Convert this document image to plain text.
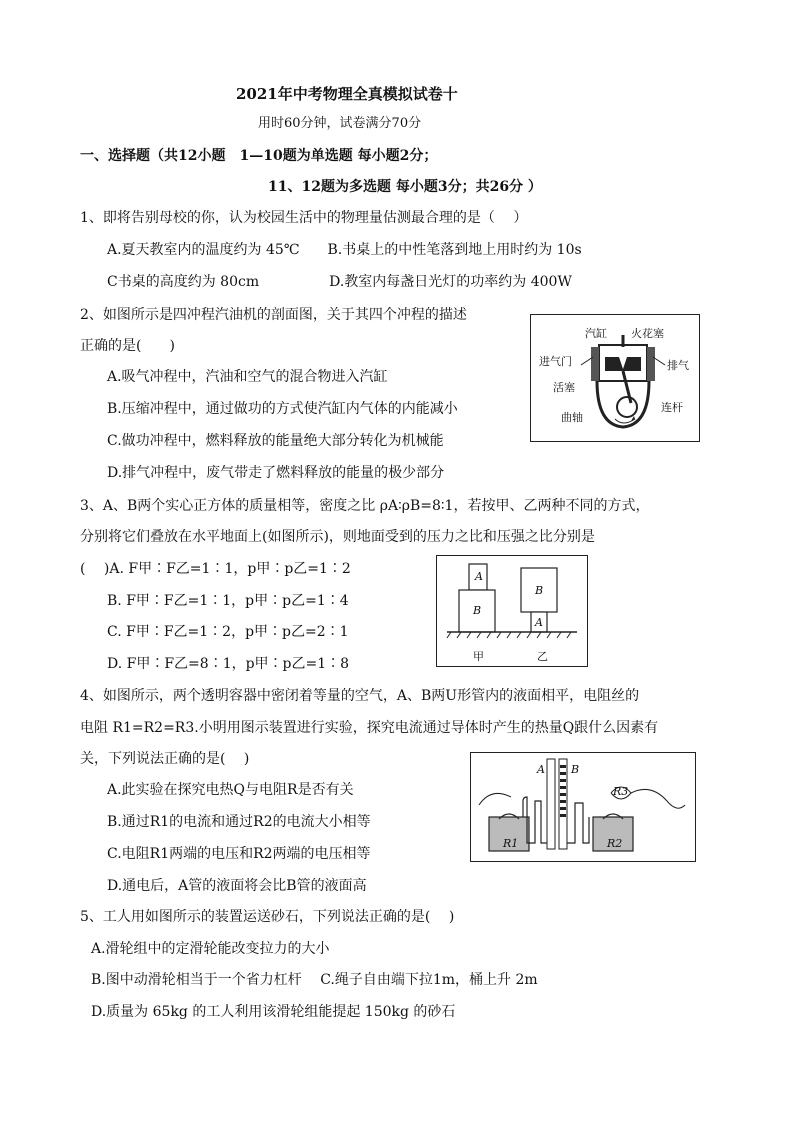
2021年中考物理全真模拟试卷十
用时60分钟，试卷满分70分
一、选择题（共12小题　1—10题为单选题 每小题2分；
11、12题为多选题 每小题3分；共26分 ）
1、即将告别母校的你，认为校园生活中的物理量估测最合理的是（　 ）
A.夏天教室内的温度约为 45℃　　B.书桌上的中性笔落到地上用时约为 10s
C书桌的高度约为 80cm　　　　　D.教室内每盏日光灯的功率约为 400W
2、如图所示是四冲程汽油机的剖面图，关于其四个冲程的描述
正确的是(　　)
A.吸气冲程中，汽油和空气的混合物进入汽缸
B.压缩冲程中，通过做功的方式使汽缸内气体的内能减小
C.做功冲程中，燃料释放的能量绝大部分转化为机械能
D.排气冲程中，废气带走了燃料释放的能量的极少部分
汽缸 火花塞
进气门	排气
活塞
连杆
曲轴
3、A、B两个实心正方体的质量相等，密度之比 ρA∶ρB=8∶1，若按甲、乙两种不同的方式，
分别将它们叠放在水平地面上(如图所示)，则地面受到的压力之比和压强之比分别是
(　 )A. F甲∶F乙=1∶1，p甲∶p乙=1∶2
B. F甲∶F乙=1∶1，p甲∶p乙=1∶4
C. F甲∶F乙=1∶2，p甲∶p乙=2∶1
D. F甲∶F乙=8∶1，p甲∶p乙=1∶8
A
B
B
A
甲	乙
4、如图所示，两个透明容器中密闭着等量的空气，A、B两U形管内的液面相平，电阻丝的
电阻 R1=R2=R3.小明用图示装置进行实验，探究电流通过导体时产生的热量Q跟什么因素有
关，下列说法正确的是(　 )
A.此实验在探究电热Q与电阻R是否有关
B.通过R1的电流和通过R2的电流大小相等
C.电阻R1两端的电压和R2两端的电压相等
D.通电后，A管的液面将会比B管的液面高
A B
R1	R2
R3
5、工人用如图所示的装置运送砂石，下列说法正确的是(　 )
A.滑轮组中的定滑轮能改变拉力的大小
B.图中动滑轮相当于一个省力杠杆　 C.绳子自由端下拉1m，桶上升 2m
D.质量为 65kg 的工人利用该滑轮组能提起 150kg 的砂石
